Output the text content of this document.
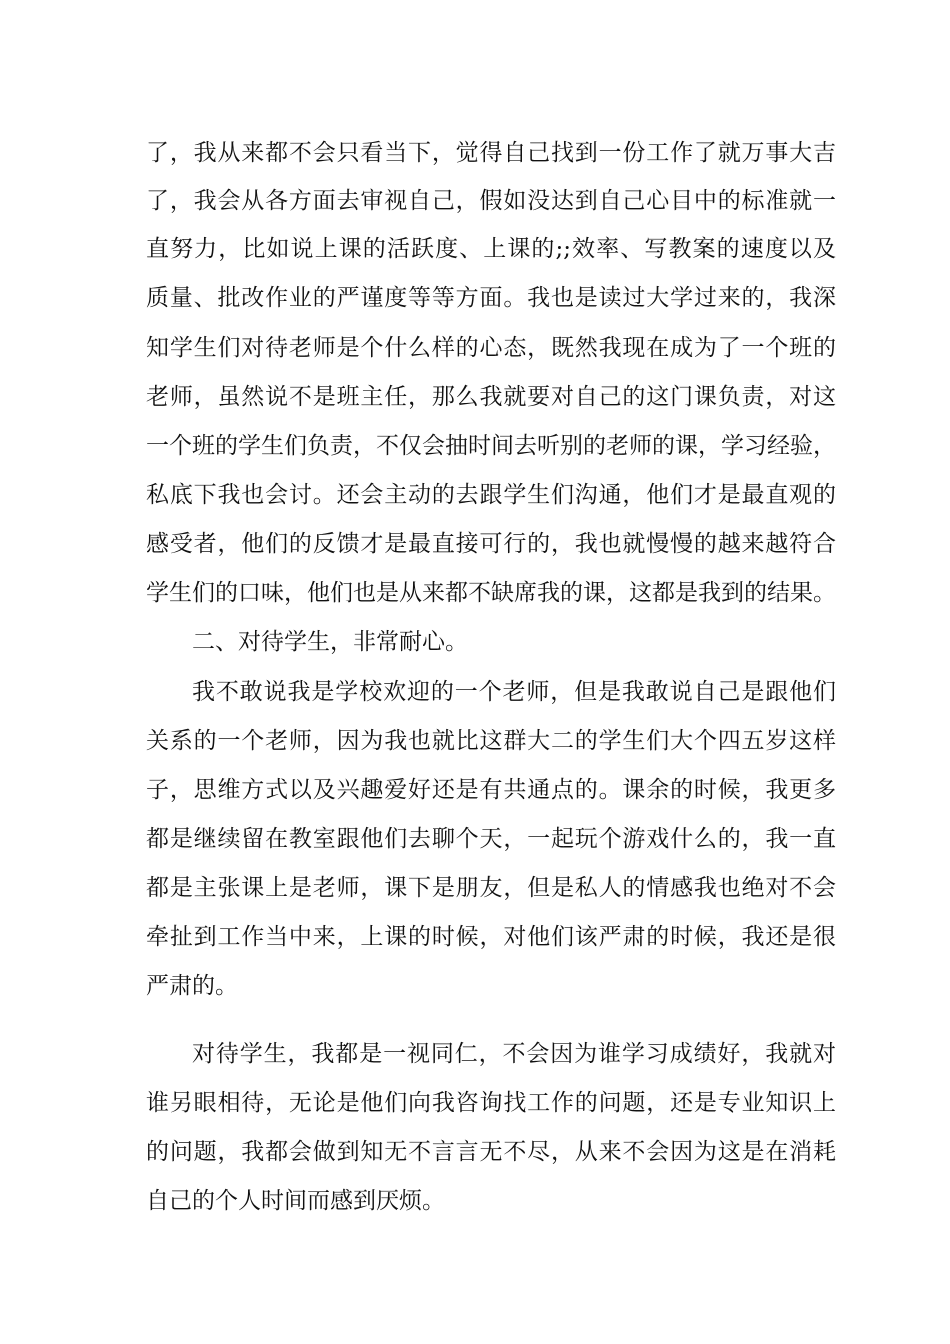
了，我从来都不会只看当下，觉得自己找到一份工作了就万事大吉
了，我会从各方面去审视自己，假如没达到自己心目中的标准就一
直努力，比如说上课的活跃度、上课的;;效率、写教案的速度以及
质量、批改作业的严谨度等等方面。我也是读过大学过来的，我深
知学生们对待老师是个什么样的心态，既然我现在成为了一个班的
老师，虽然说不是班主任，那么我就要对自己的这门课负责，对这
一个班的学生们负责，不仅会抽时间去听别的老师的课，学习经验，
私底下我也会讨。还会主动的去跟学生们沟通，他们才是最直观的
感受者，他们的反馈才是最直接可行的，我也就慢慢的越来越符合
学生们的口味，他们也是从来都不缺席我的课，这都是我到的结果。
二、对待学生，非常耐心。
我不敢说我是学校欢迎的一个老师，但是我敢说自己是跟他们
关系的一个老师，因为我也就比这群大二的学生们大个四五岁这样
子，思维方式以及兴趣爱好还是有共通点的。课余的时候，我更多
都是继续留在教室跟他们去聊个天，一起玩个游戏什么的，我一直
都是主张课上是老师，课下是朋友，但是私人的情感我也绝对不会
牵扯到工作当中来，上课的时候，对他们该严肃的时候，我还是很
严肃的。
对待学生，我都是一视同仁，不会因为谁学习成绩好，我就对
谁另眼相待，无论是他们向我咨询找工作的问题，还是专业知识上
的问题，我都会做到知无不言言无不尽，从来不会因为这是在消耗
自己的个人时间而感到厌烦。
